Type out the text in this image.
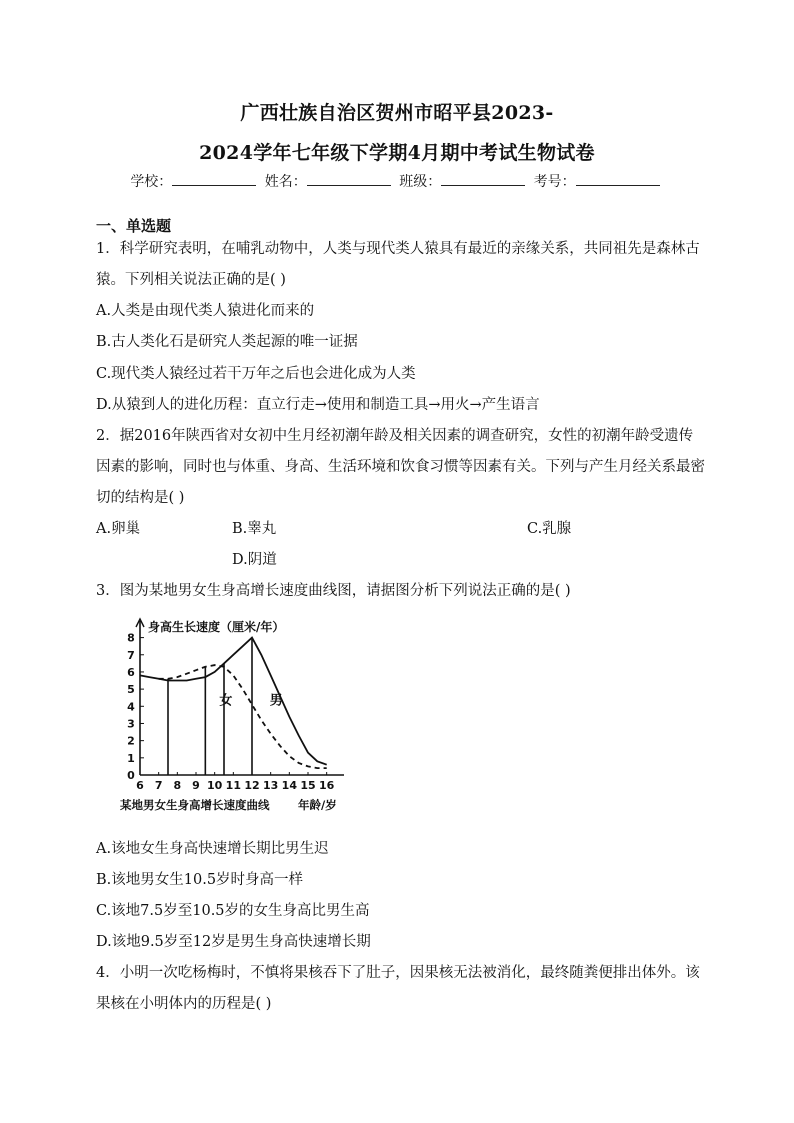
广西壮族自治区贺州市昭平县2023-
2024学年七年级下学期4月期中考试生物试卷
学校：	姓名：	班级：	考号：
一、单选题
1．科学研究表明，在哺乳动物中，人类与现代类人猿具有最近的亲缘关系，共同祖先是森林古猿。下列相关说法正确的是( )
A.人类是由现代类人猿进化而来的
B.古人类化石是研究人类起源的唯一证据
C.现代类人猿经过若干万年之后也会进化成为人类
D.从猿到人的进化历程：直立行走→使用和制造工具→用火→产生语言
2．据2016年陕西省对女初中生月经初潮年龄及相关因素的调查研究，女性的初潮年龄受遗传因素的影响，同时也与体重、身高、生活环境和饮食习惯等因素有关。下列与产生月经关系最密切的结构是( )
A.卵巢	B.睾丸	C.乳腺
D.阴道
3．图为某地男女生身高增长速度曲线图，请据图分析下列说法正确的是( )
0
1
2
3
4
5
6
7
8
6 7 8 9 10 11 12 13 14 15 16
女	男
身高生长速度（厘米/年）
某地男女生身高增长速度曲线 年龄/岁
A.该地女生身高快速增长期比男生迟
B.该地男女生10.5岁时身高一样
C.该地7.5岁至10.5岁的女生身高比男生高
D.该地9.5岁至12岁是男生身高快速增长期
4．小明一次吃杨梅时，不慎将果核吞下了肚子，因果核无法被消化，最终随粪便排出体外。该果核在小明体内的历程是( )
